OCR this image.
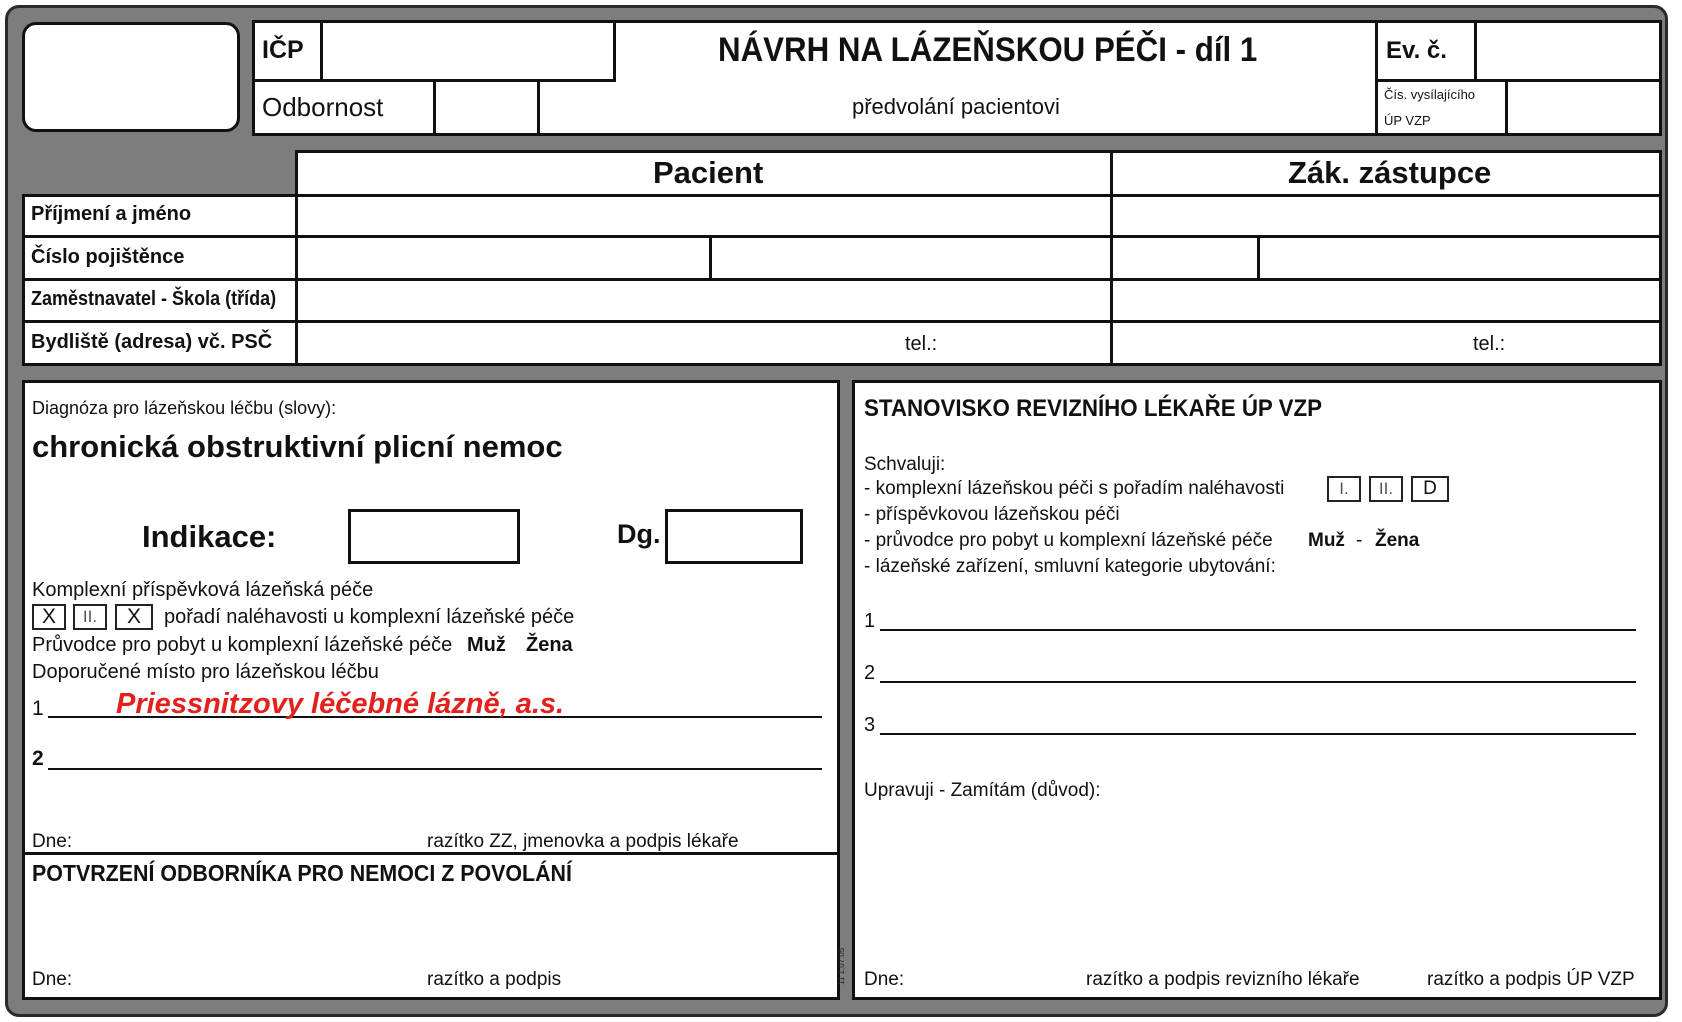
IČP	NÁVRH NA LÁZEŇSKOU PÉČI - díl 1	Ev. č.
Odbornost	předvolání pacientovi	Čís. vysílajícího
ÚP VZP
Pacient	Zák. zástupce
Příjmení a jméno
Číslo pojištěnce
Zaměstnavatel - Škola (třída)
Bydliště (adresa) vč. PSČ	tel.:	tel.:
Diagnóza pro lázeňskou léčbu (slovy):
chronická obstruktivní plicní nemoc
Indikace:	Dg.
Komplexní příspěvková lázeňská péče
X	II.	X	pořadí naléhavosti u komplexní lázeňské péče
Průvodce pro pobyt u komplexní lázeňské péče Muž Žena
Doporučené místo pro lázeňskou léčbu
1 Priessnitzovy léčebné lázně, a.s.
2
Dne:	razítko ZZ, jmenovka a podpis lékaře
POTVRZENÍ ODBORNÍKA PRO NEMOCI Z POVOLÁNÍ
Dne:	razítko a podpis	11 1.07.05
STANOVISKO REVIZNÍHO LÉKAŘE ÚP VZP
Schvaluji:
- komplexní lázeňskou péči s pořadím naléhavosti	I.	II.	D
- příspěvkovou lázeňskou péči
- průvodce pro pobyt u komplexní lázeňské péče Muž - Žena
- lázeňské zařízení, smluvní kategorie ubytování:
1
2
3
Upravuji - Zamítám (důvod):
Dne:	razítko a podpis revizního lékaře	razítko a podpis ÚP VZP
